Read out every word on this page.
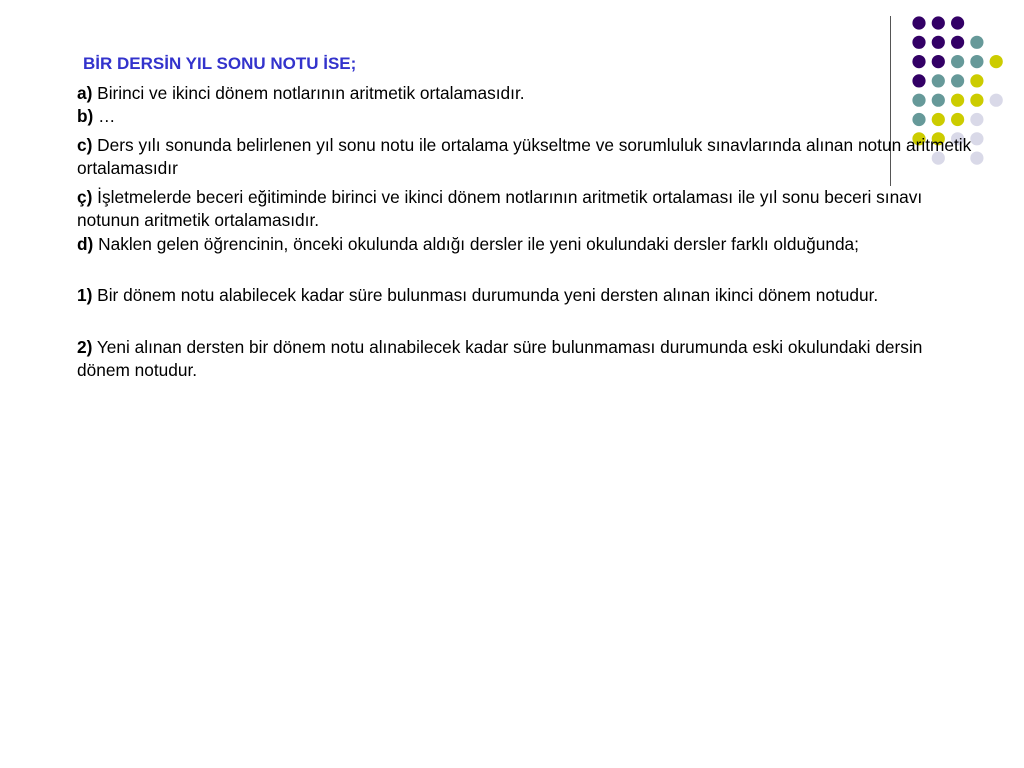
BİR DERSİN YIL SONU NOTU İSE;
a) Birinci ve ikinci dönem notlarının aritmetik ortalamasıdır.
b) …
c) Ders yılı sonunda belirlenen yıl sonu notu ile ortalama yükseltme ve sorumluluk sınavlarında alınan notun aritmetik ortalamasıdır
ç) İşletmelerde beceri eğitiminde birinci ve ikinci dönem notlarının aritmetik ortalaması ile yıl sonu beceri sınavı notunun aritmetik ortalamasıdır.
d) Naklen gelen öğrencinin, önceki okulunda aldığı dersler ile yeni okulundaki dersler farklı olduğunda;
1) Bir dönem notu alabilecek kadar süre bulunması durumunda yeni dersten alınan ikinci dönem notudur.
2) Yeni alınan dersten bir dönem notu alınabilecek kadar süre bulunmaması durumunda eski okulundaki dersin dönem notudur.
